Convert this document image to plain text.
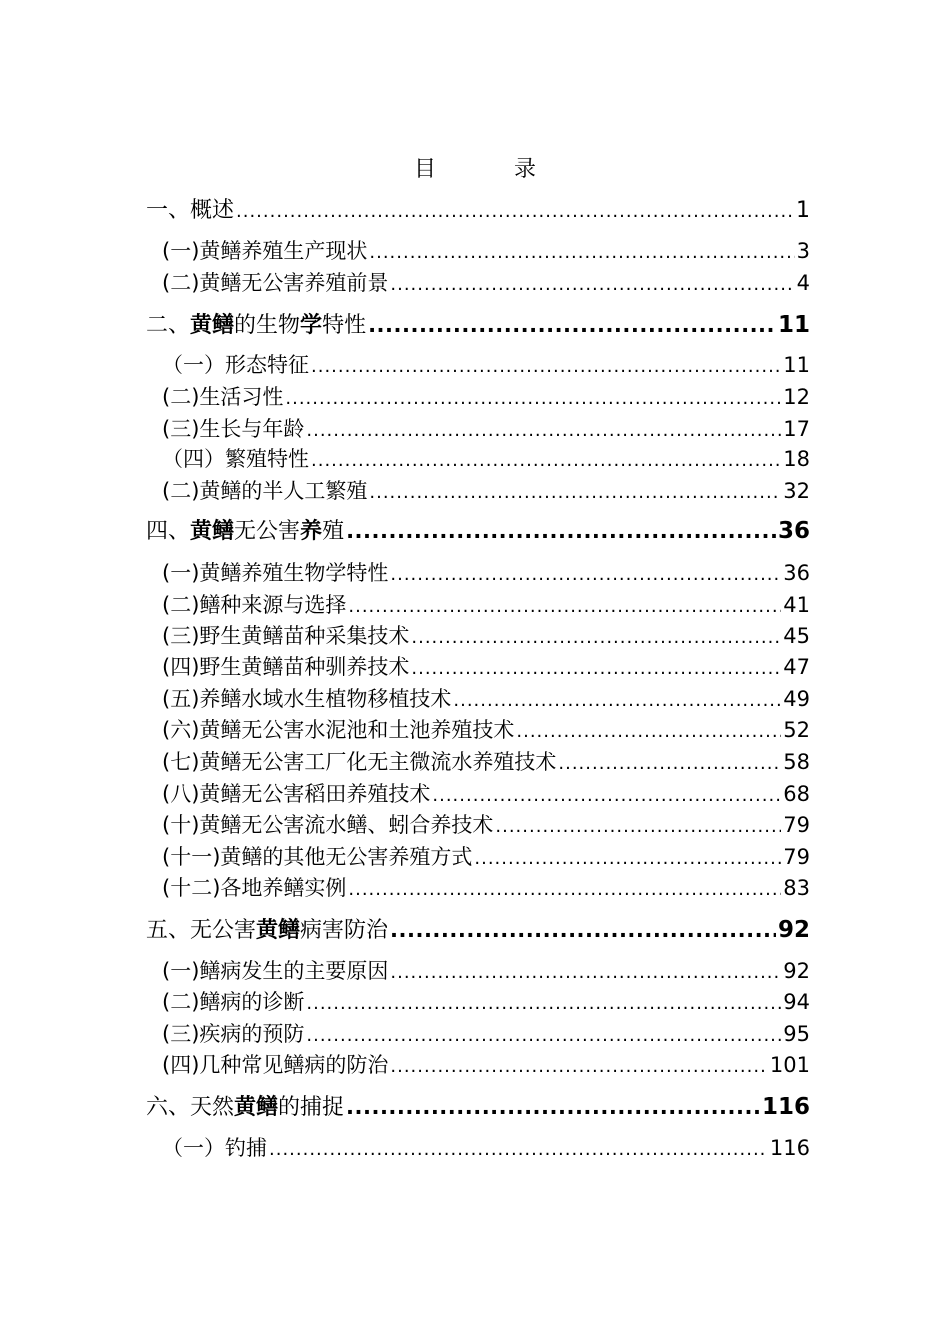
目　录
一、概述 .....	1
(一)黄鳝养殖生产现状 .....	3
(二)黄鳝无公害养殖前景 .....	4
二、黄鳝的生物学特性 .....	11
（一）形态特征 .....	11
(二)生活习性 .....	12
(三)生长与年龄 .....	17
（四）繁殖特性 .....	18
(二)黄鳝的半人工繁殖 .....	32
四、黄鳝无公害养殖 .....	36
(一)黄鳝养殖生物学特性 .....	36
(二)鳝种来源与选择 .....	41
(三)野生黄鳝苗种采集技术 .....	45
(四)野生黄鳝苗种驯养技术 .....	47
(五)养鳝水域水生植物移植技术 .....	49
(六)黄鳝无公害水泥池和土池养殖技术 .....	52
(七)黄鳝无公害工厂化无主微流水养殖技术 .....	58
(八)黄鳝无公害稻田养殖技术 .....	68
(十)黄鳝无公害流水鳝、蚓合养技术 .....	79
(十一)黄鳝的其他无公害养殖方式 .....	79
(十二)各地养鳝实例 .....	83
五、无公害黄鳝病害防治 .....	92
(一)鳝病发生的主要原因 .....	92
(二)鳝病的诊断 .....	94
(三)疾病的预防 .....	95
(四)几种常见鳝病的防治 .....	101
六、天然黄鳝的捕捉 .....	116
（一）钓捕 .....	116
